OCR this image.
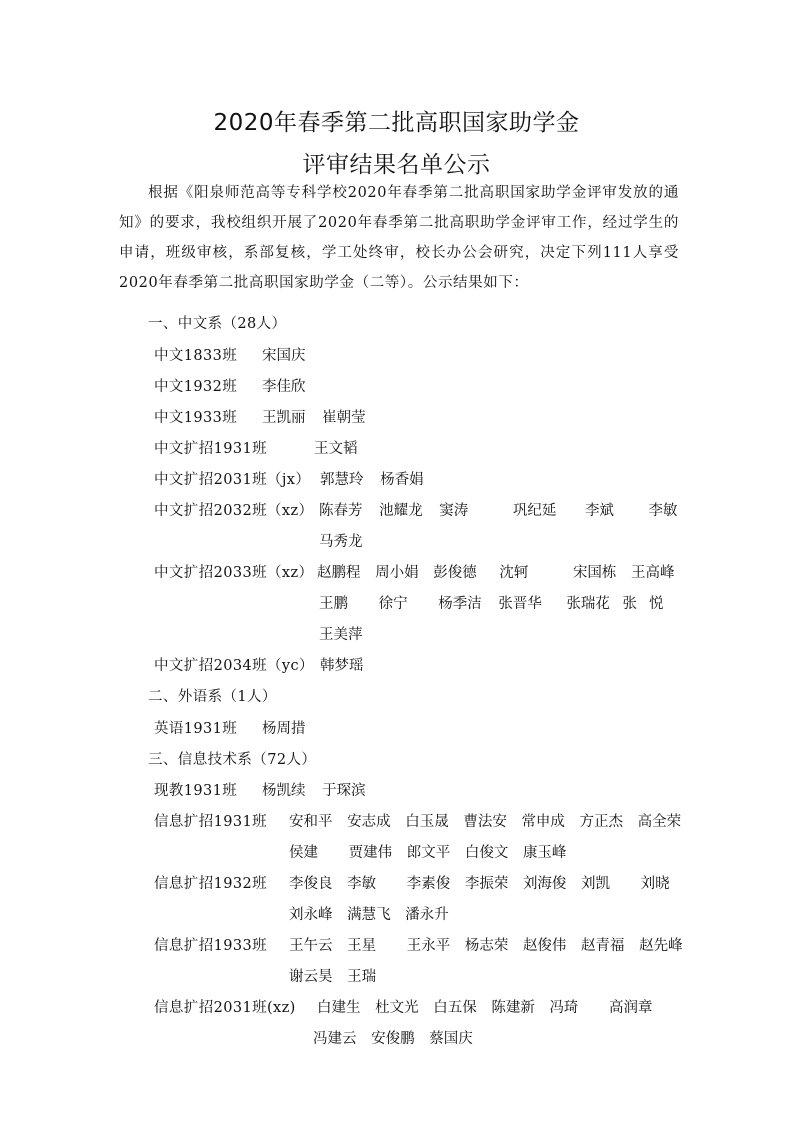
2020年春季第二批高职国家助学金
评审结果名单公示
根据《阳泉师范高等专科学校2020年春季第二批高职国家助学金评审发放的通知》的要求，我校组织开展了2020年春季第二批高职助学金评审工作，经过学生的申请，班级审核，系部复核，学工处终审，校长办公会研究，决定下列111人享受2020年春季第二批高职国家助学金（二等）。公示结果如下：
一、中文系（28人）
中文1833班 宋国庆
中文1932班 李佳欣
中文1933班 王凯丽 崔朝莹
中文扩招1931班	王文韬
中文扩招2031班（jx） 郭慧玲 杨香娟
中文扩招2032班（xz） 陈春芳 池耀龙 窦涛	巩纪延 李斌 李敏
马秀龙
中文扩招2033班（xz） 赵鹏程 周小娟 彭俊德 沈轲	宋国栋 王高峰
王鹏 徐宁 杨季洁 张晋华 张瑞花 张悦
王美萍
中文扩招2034班（yc） 韩梦瑶
二、外语系（1人）
英语1931班 杨周措
三、信息技术系（72人）
现教1931班 杨凯续 于琛滨
信息扩招1931班 安和平 安志成 白玉晟 曹法安 常申成 方正杰 高全荣
侯建 贾建伟 郎文平 白俊文 康玉峰
信息扩招1932班 李俊良 李敏 李素俊 李振荣 刘海俊 刘凯 刘晓
刘永峰 满慧飞 潘永升
信息扩招1933班 王午云 王星 王永平 杨志荣 赵俊伟 赵青福 赵先峰
谢云昊 王瑞
信息扩招2031班(xz) 白建生 杜文光 白五保 陈建新 冯琦 高润章
冯建云 安俊鹏 蔡国庆
